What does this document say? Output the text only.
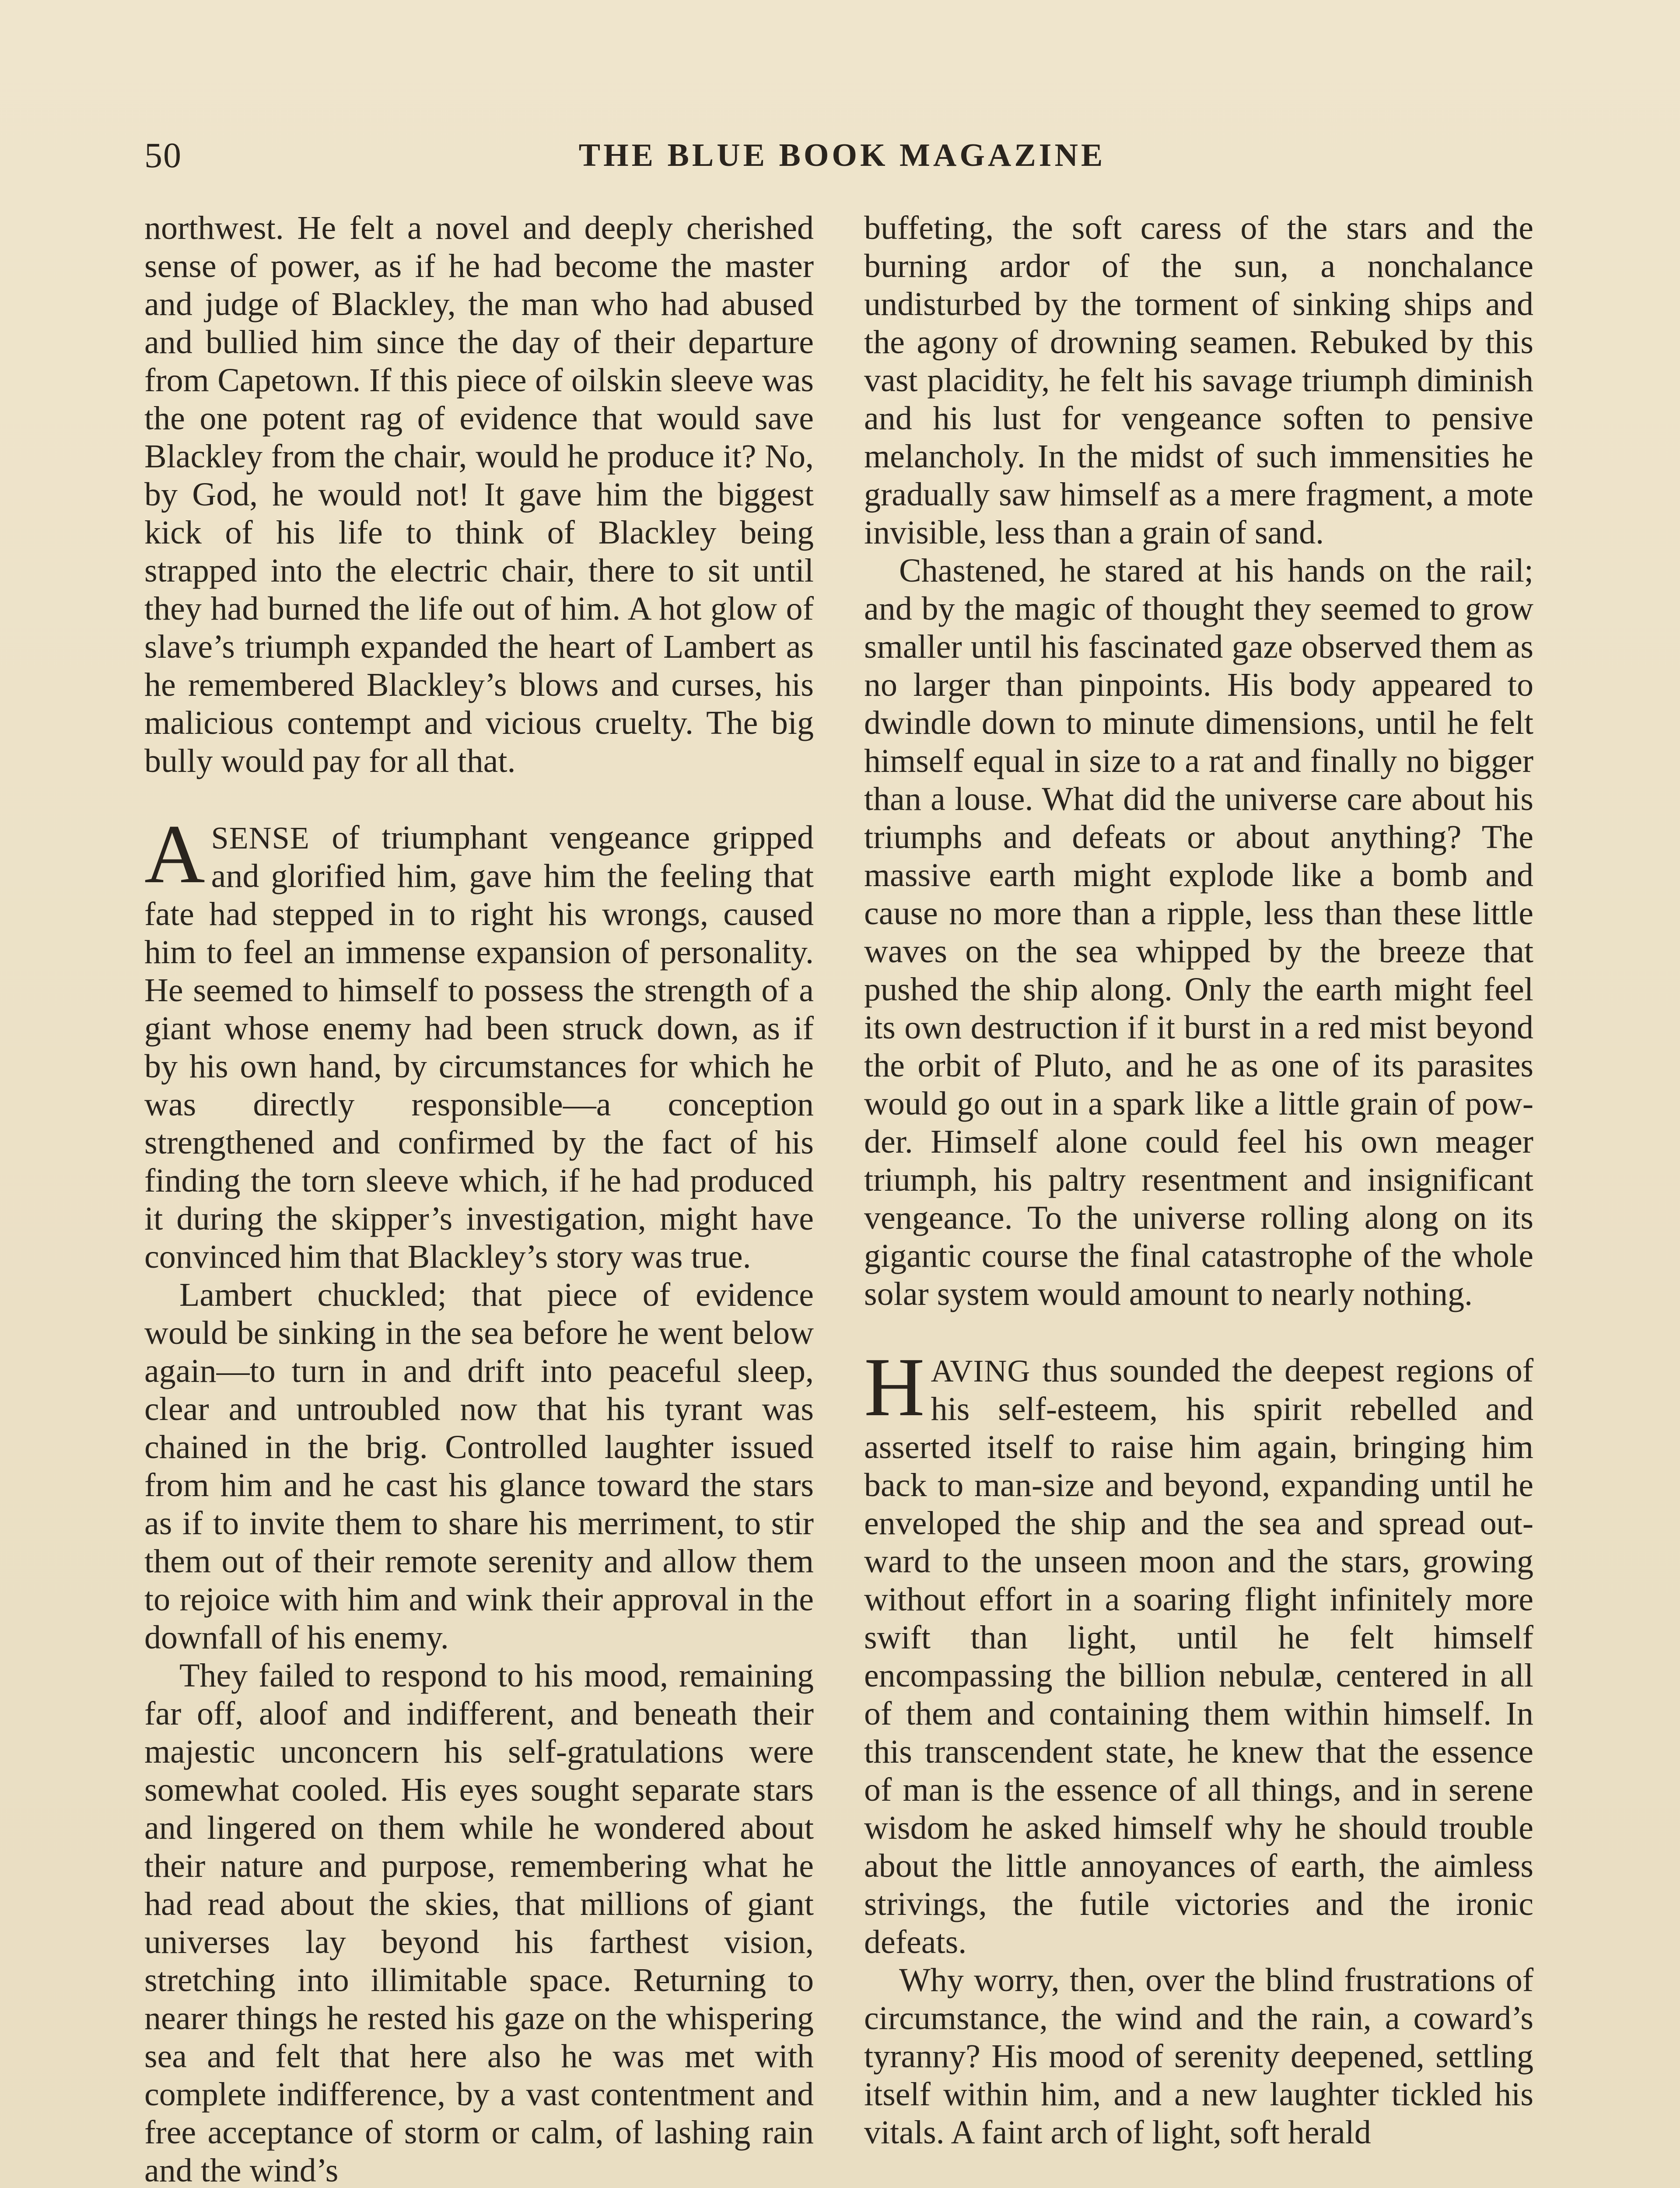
50	THE BLUE BOOK MAGAZINE

northwest. He felt a novel and deeply cherished sense of power, as if he had become the master and judge of Blackley, the man who had abused and bullied him since the day of their departure from Capetown. If this piece of oilskin sleeve was the one potent rag of evidence that would save Blackley from the chair, would he produce it? No, by God, he would not! It gave him the biggest kick of his life to think of Blackley being strapped into the electric chair, there to sit until they had burned the life out of him. A hot glow of slave’s triumph expanded the heart of Lambert as he remembered Blackley’s blows and curses, his malicious contempt and vicious cruelty. The big bully would pay for all that.

ASENSE of triumphant vengeance gripped and glorified him, gave him the feeling that fate had stepped in to right his wrongs, caused him to feel an immense expansion of personality. He seemed to himself to possess the strength of a giant whose enemy had been struck down, as if by his own hand, by circumstances for which he was directly responsible—a conception strengthened and confirmed by the fact of his finding the torn sleeve which, if he had produced it during the skipper’s investigation, might have convinced him that Blackley’s story was true.

Lambert chuckled; that piece of evidence would be sinking in the sea before he went below again—to turn in and drift into peaceful sleep, clear and untroubled now that his tyrant was chained in the brig. Controlled laughter issued from him and he cast his glance toward the stars as if to invite them to share his merriment, to stir them out of their remote serenity and allow them to rejoice with him and wink their approval in the downfall of his enemy.

They failed to respond to his mood, remaining far off, aloof and indifferent, and beneath their majestic unconcern his self-gratulations were somewhat cooled. His eyes sought separate stars and lingered on them while he wondered about their nature and purpose, remembering what he had read about the skies, that millions of giant universes lay beyond his farthest vision, stretching into illimitable space. Returning to nearer things he rested his gaze on the whispering sea and felt that here also he was met with complete indifference, by a vast contentment and free acceptance of storm or calm, of lashing rain and the wind’s

buffeting, the soft caress of the stars and the burning ardor of the sun, a nonchalance undisturbed by the torment of sinking ships and the agony of drowning seamen. Rebuked by this vast placidity, he felt his savage triumph diminish and his lust for vengeance soften to pensive melancholy. In the midst of such immensities he gradually saw himself as a mere fragment, a mote invisible, less than a grain of sand.

Chastened, he stared at his hands on the rail; and by the magic of thought they seemed to grow smaller until his fascinated gaze observed them as no larger than pinpoints. His body appeared to dwindle down to minute dimensions, until he felt himself equal in size to a rat and finally no bigger than a louse. What did the universe care about his triumphs and defeats or about anything? The massive earth might explode like a bomb and cause no more than a ripple, less than these little waves on the sea whipped by the breeze that pushed the ship along. Only the earth might feel its own destruction if it burst in a red mist beyond the orbit of Pluto, and he as one of its parasites would go out in a spark like a little grain of powder. Himself alone could feel his own meager triumph, his paltry resentment and insignificant vengeance. To the universe rolling along on its gigantic course the final catastrophe of the whole solar system would amount to nearly nothing.

HAVING thus sounded the deepest regions of his self-esteem, his spirit rebelled and asserted itself to raise him again, bringing him back to man-size and beyond, expanding until he enveloped the ship and the sea and spread outward to the unseen moon and the stars, growing without effort in a soaring flight infinitely more swift than light, until he felt himself encompassing the billion nebulæ, centered in all of them and containing them within himself. In this transcendent state, he knew that the essence of man is the essence of all things, and in serene wisdom he asked himself why he should trouble about the little annoyances of earth, the aimless strivings, the futile victories and the ironic defeats.

Why worry, then, over the blind frustrations of circumstance, the wind and the rain, a coward’s tyranny? His mood of serenity deepened, settling itself within him, and a new laughter tickled his vitals. A faint arch of light, soft herald
